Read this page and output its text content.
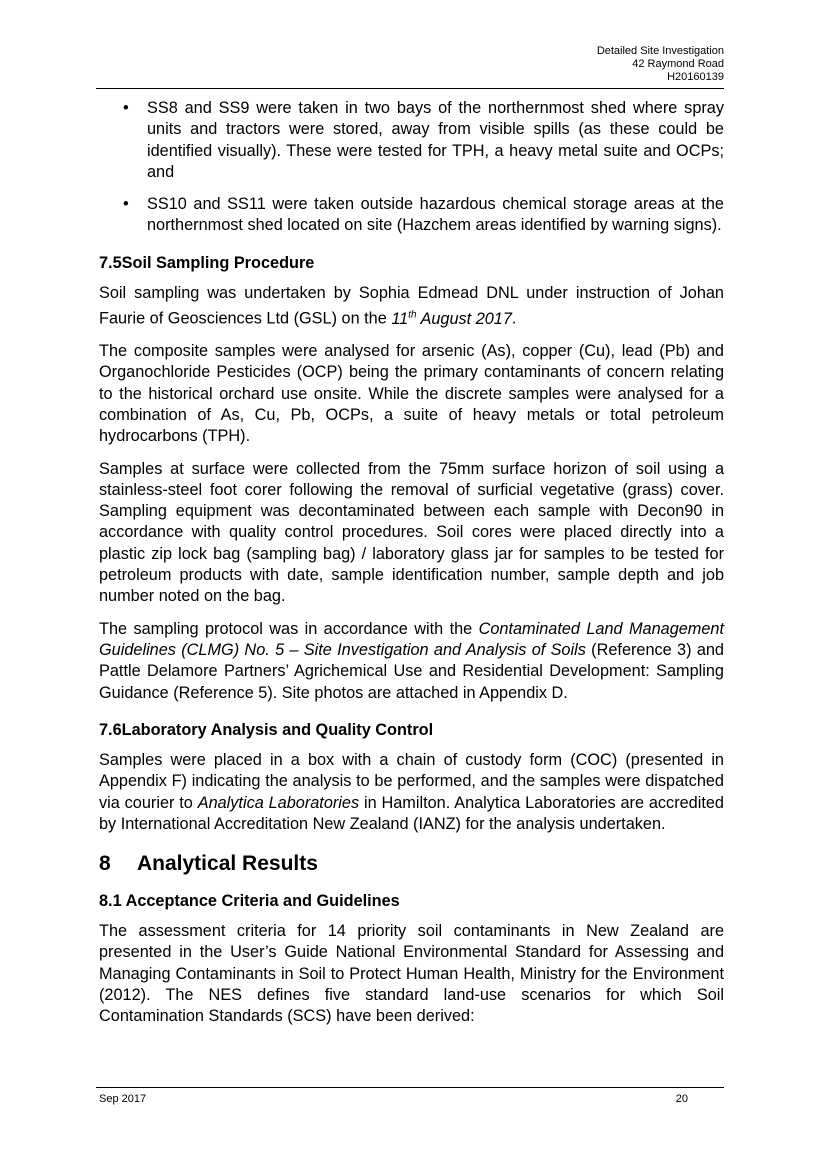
Detailed Site Investigation
42 Raymond Road
H20160139
• SS8 and SS9 were taken in two bays of the northernmost shed where spray units and tractors were stored, away from visible spills (as these could be identified visually). These were tested for TPH, a heavy metal suite and OCPs; and
• SS10 and SS11 were taken outside hazardous chemical storage areas at the northernmost shed located on site (Hazchem areas identified by warning signs).
7.5Soil Sampling Procedure

Soil sampling was undertaken by Sophia Edmead DNL under instruction of Johan Faurie of Geosciences Ltd (GSL) on the 11th August 2017.

The composite samples were analysed for arsenic (As), copper (Cu), lead (Pb) and Organochloride Pesticides (OCP) being the primary contaminants of concern relating to the historical orchard use onsite. While the discrete samples were analysed for a combination of As, Cu, Pb, OCPs, a suite of heavy metals or total petroleum hydrocarbons (TPH).

Samples at surface were collected from the 75mm surface horizon of soil using a stainless-steel foot corer following the removal of surficial vegetative (grass) cover. Sampling equipment was decontaminated between each sample with Decon90 in accordance with quality control procedures. Soil cores were placed directly into a plastic zip lock bag (sampling bag) / laboratory glass jar for samples to be tested for petroleum products with date, sample identification number, sample depth and job number noted on the bag.

The sampling protocol was in accordance with the Contaminated Land Management Guidelines (CLMG) No. 5 – Site Investigation and Analysis of Soils (Reference 3) and Pattle Delamore Partners’ Agrichemical Use and Residential Development: Sampling Guidance (Reference 5). Site photos are attached in Appendix D.

7.6Laboratory Analysis and Quality Control

Samples were placed in a box with a chain of custody form (COC) (presented in Appendix F) indicating the analysis to be performed, and the samples were dispatched via courier to Analytica Laboratories in Hamilton. Analytica Laboratories are accredited by International Accreditation New Zealand (IANZ) for the analysis undertaken.

8 Analytical Results
8.1 Acceptance Criteria and Guidelines

The assessment criteria for 14 priority soil contaminants in New Zealand are presented in the User’s Guide National Environmental Standard for Assessing and Managing Contaminants in Soil to Protect Human Health, Ministry for the Environment (2012). The NES defines five standard land-use scenarios for which Soil Contamination Standards (SCS) have been derived:

Sep 2017	20
